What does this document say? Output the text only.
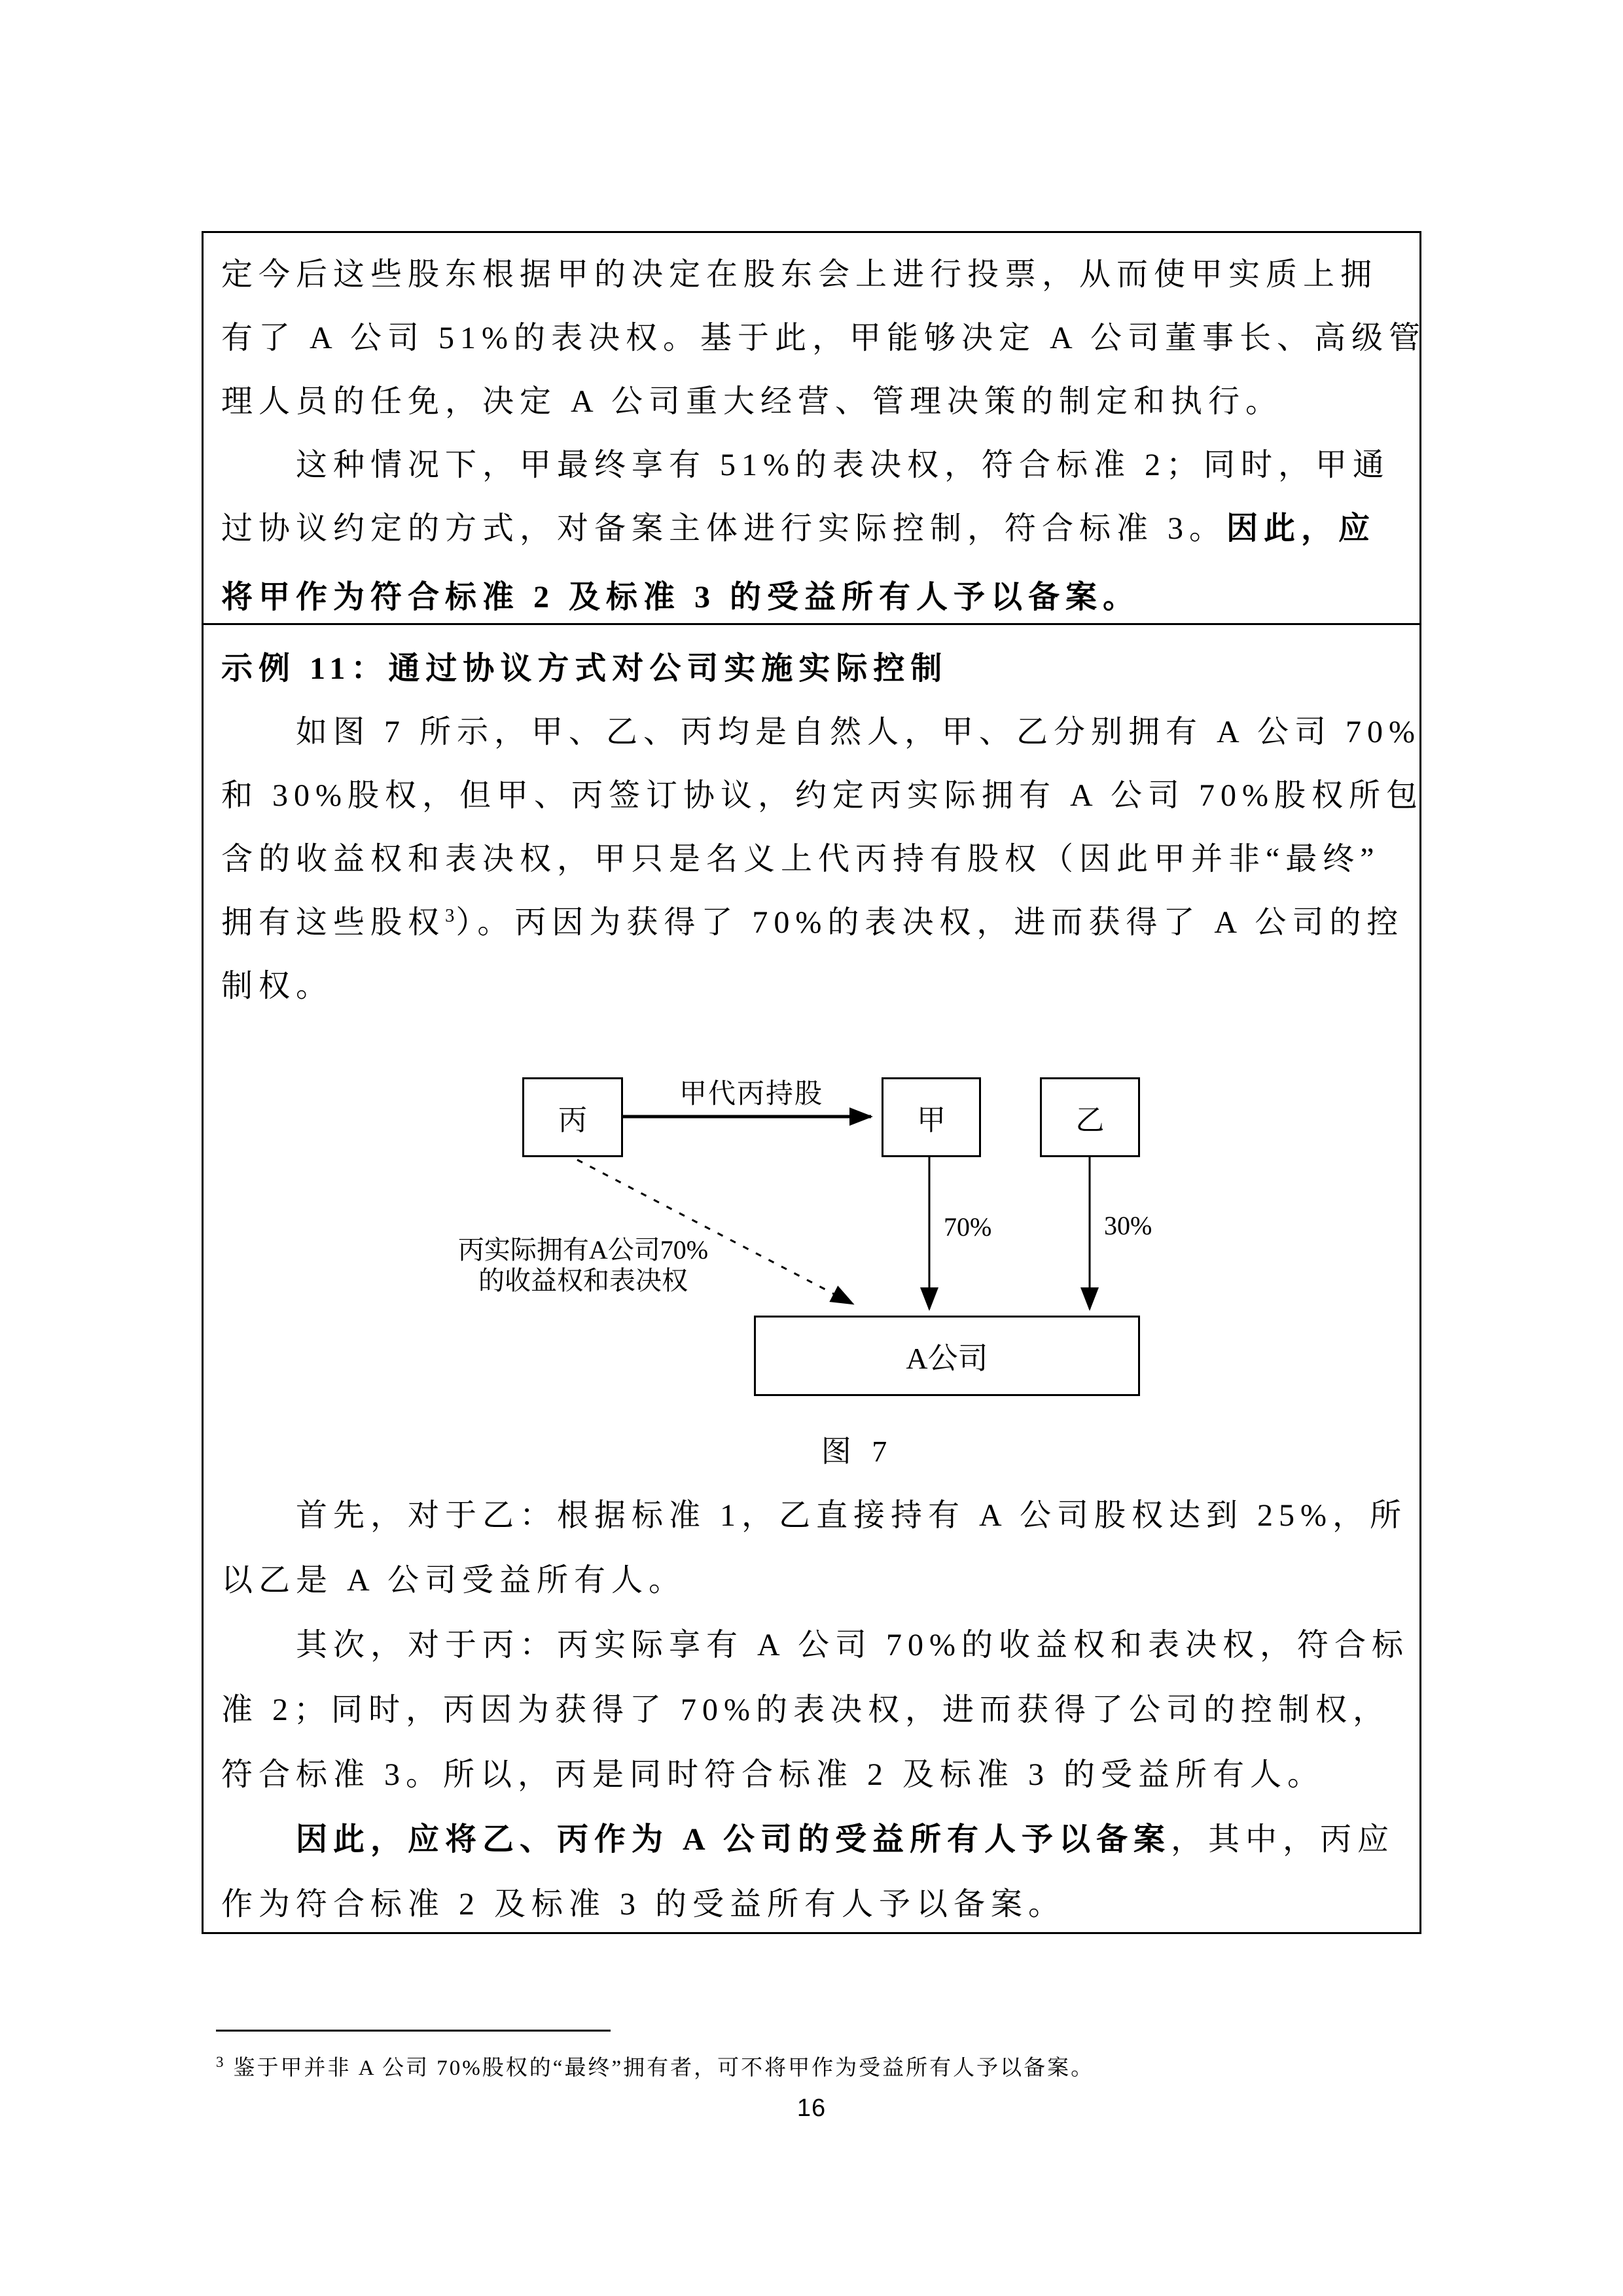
定今后这些股东根据甲的决定在股东会上进行投票，从而使甲实质上拥
有了 A 公司 51%的表决权。基于此，甲能够决定 A 公司董事长、高级管
理人员的任免，决定 A 公司重大经营、管理决策的制定和执行。
这种情况下，甲最终享有 51%的表决权，符合标准 2；同时，甲通
过协议约定的方式，对备案主体进行实际控制，符合标准 3。因此，应
将甲作为符合标准 2 及标准 3 的受益所有人予以备案。
示例 11：通过协议方式对公司实施实际控制
如图 7 所示，甲、乙、丙均是自然人，甲、乙分别拥有 A 公司 70%
和 30%股权，但甲、丙签订协议，约定丙实际拥有 A 公司 70%股权所包
含的收益权和表决权，甲只是名义上代丙持有股权（因此甲并非“最终”
拥有这些股权$^3$）。丙因为获得了 70%的表决权，进而获得了 A 公司的控
制权。
丙	甲	乙
A公司
甲代丙持股
丙实际拥有A公司70%
的收益权和表决权
70%	30%
图 7
首先，对于乙：根据标准 1，乙直接持有 A 公司股权达到 25%，所
以乙是 A 公司受益所有人。
其次，对于丙：丙实际享有 A 公司 70%的收益权和表决权，符合标
准 2；同时，丙因为获得了 70%的表决权，进而获得了公司的控制权，
符合标准 3。所以，丙是同时符合标准 2 及标准 3 的受益所有人。
因此，应将乙、丙作为 A 公司的受益所有人予以备案，其中，丙应
作为符合标准 2 及标准 3 的受益所有人予以备案。
$^3$ 鉴于甲并非 A 公司 70%股权的“最终”拥有者，可不将甲作为受益所有人予以备案。
16
